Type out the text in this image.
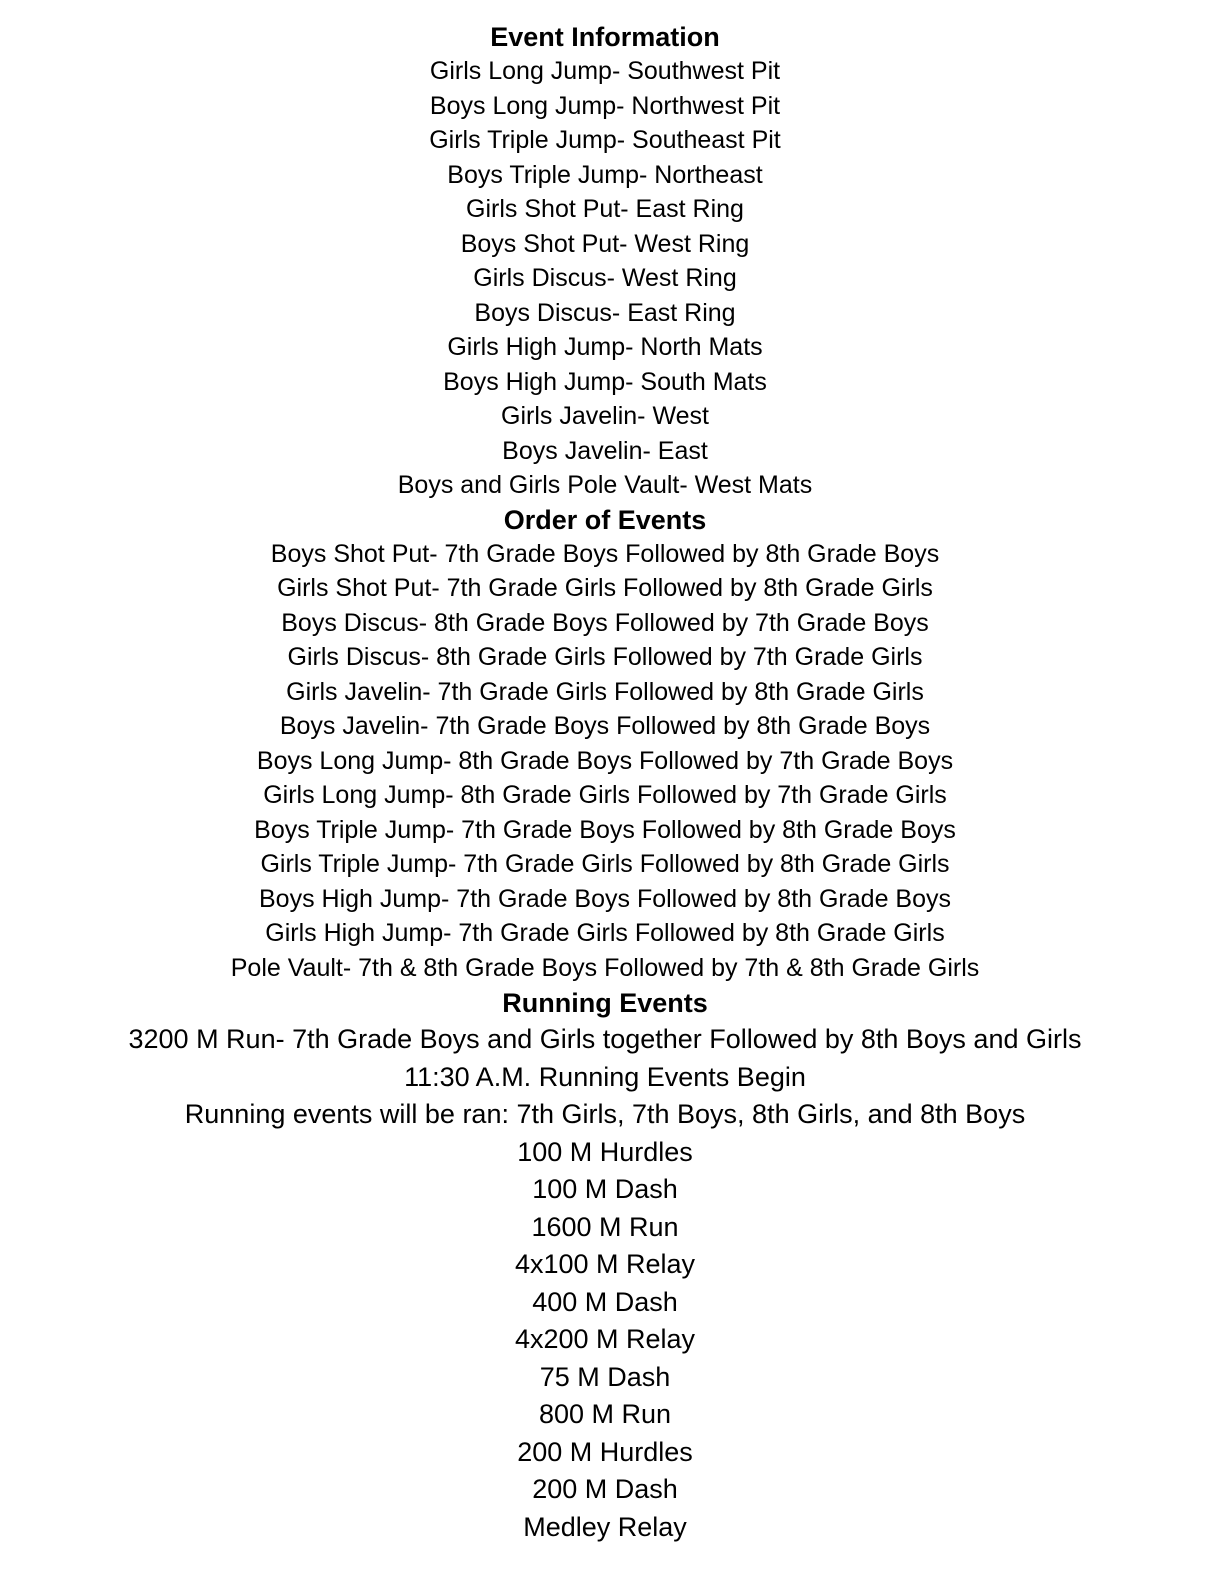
Event Information
Girls Long Jump- Southwest Pit
Boys Long Jump- Northwest Pit
Girls Triple Jump- Southeast Pit
Boys Triple Jump- Northeast
Girls Shot Put- East Ring
Boys Shot Put- West Ring
Girls Discus- West Ring
Boys Discus- East Ring
Girls High Jump- North Mats
Boys High Jump- South Mats
Girls Javelin- West
Boys Javelin- East
Boys and Girls Pole Vault- West Mats
Order of Events
Boys Shot Put- 7th Grade Boys Followed by 8th Grade Boys
Girls Shot Put- 7th Grade Girls Followed by 8th Grade Girls
Boys Discus- 8th Grade Boys Followed by 7th Grade Boys
Girls Discus- 8th Grade Girls Followed by 7th Grade Girls
Girls Javelin- 7th Grade Girls Followed by 8th Grade Girls
Boys Javelin- 7th Grade Boys Followed by 8th Grade Boys
Boys Long Jump- 8th Grade Boys Followed by 7th Grade Boys
Girls Long Jump- 8th Grade Girls Followed by 7th Grade Girls
Boys Triple Jump- 7th Grade Boys Followed by 8th Grade Boys
Girls Triple Jump- 7th Grade Girls Followed by 8th Grade Girls
Boys High Jump- 7th Grade Boys Followed by 8th Grade Boys
Girls High Jump- 7th Grade Girls Followed by 8th Grade Girls
Pole Vault- 7th & 8th Grade Boys Followed by 7th & 8th Grade Girls
Running Events
3200 M Run- 7th Grade Boys and Girls together Followed by 8th Boys and Girls
11:30 A.M. Running Events Begin
Running events will be ran: 7th Girls, 7th Boys, 8th Girls, and 8th Boys
100 M Hurdles
100 M Dash
1600 M Run
4x100 M Relay
400 M Dash
4x200 M Relay
75 M Dash
800 M Run
200 M Hurdles
200 M Dash
Medley Relay
